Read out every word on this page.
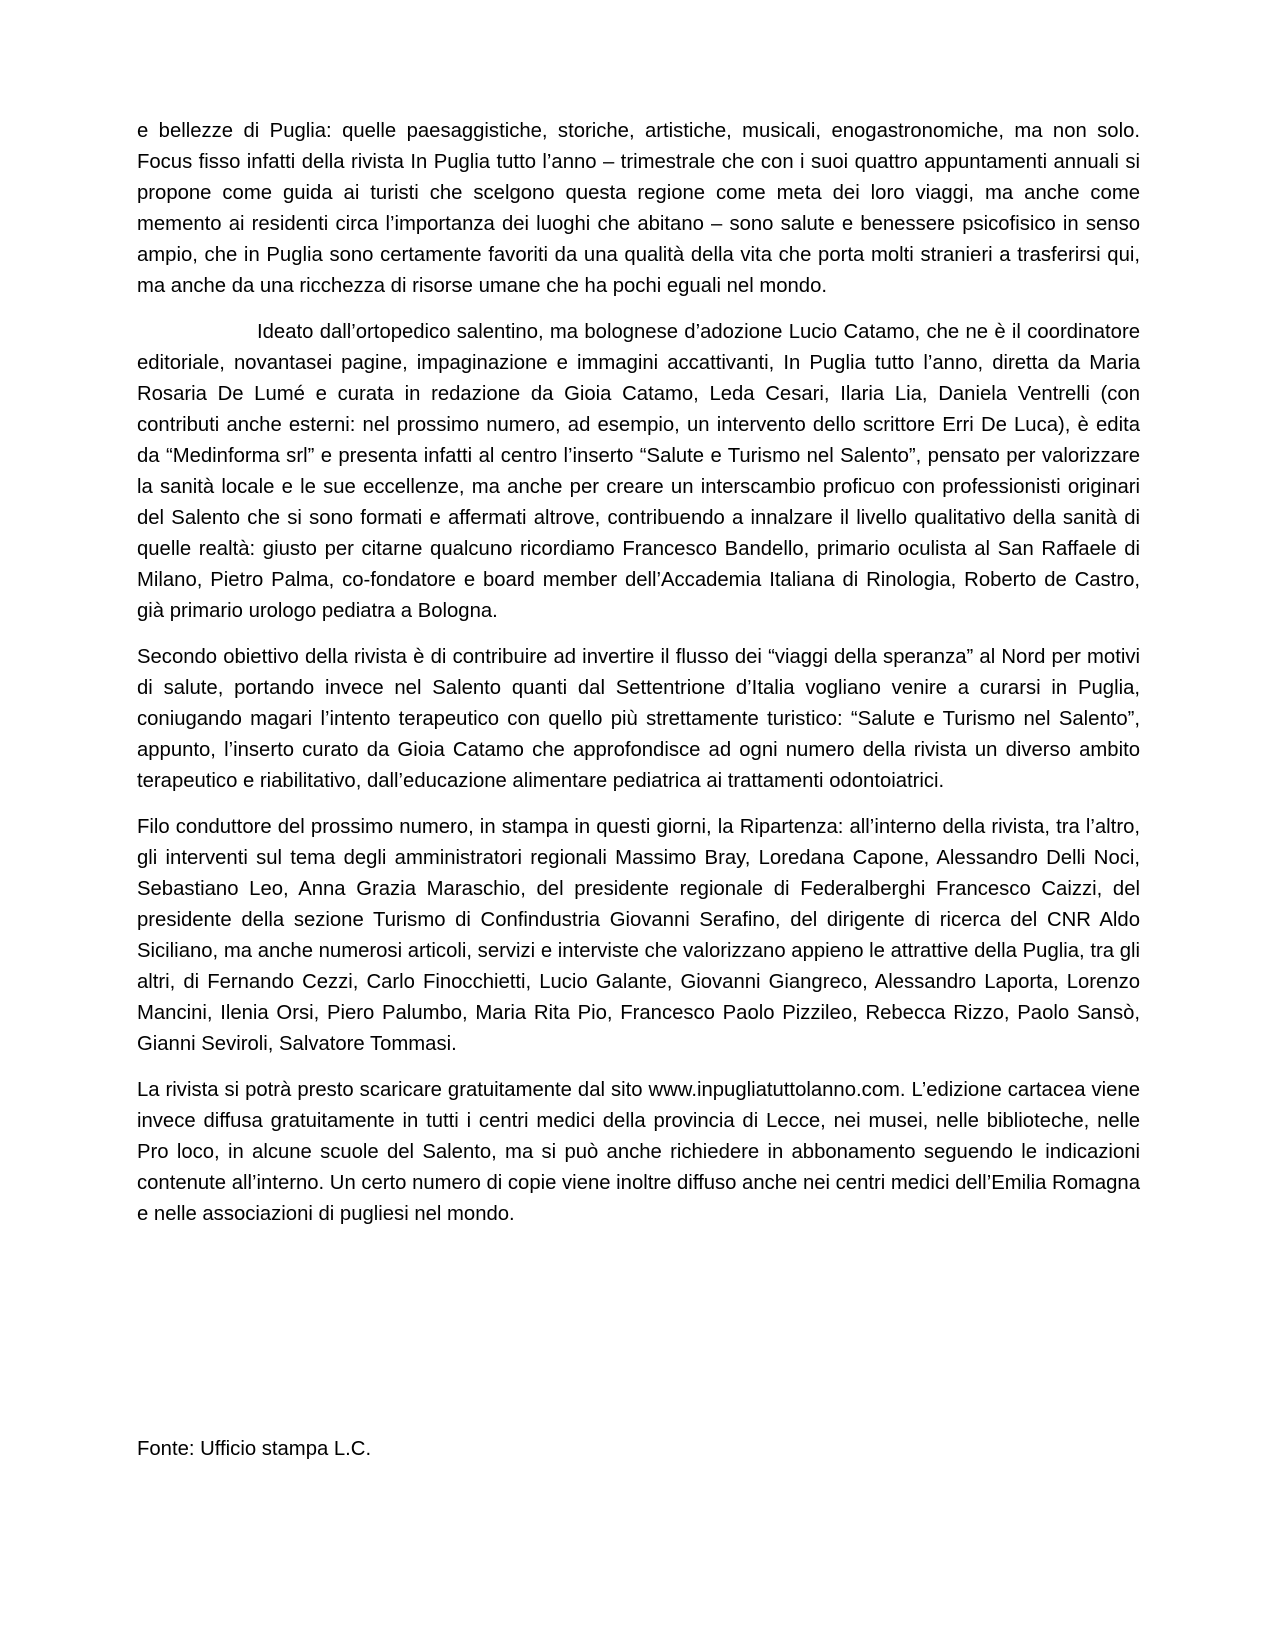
e bellezze di Puglia: quelle paesaggistiche, storiche, artistiche, musicali, enogastronomiche, ma non solo. Focus fisso infatti della rivista In Puglia tutto l’anno – trimestrale che con i suoi quattro appuntamenti annuali si propone come guida ai turisti che scelgono questa regione come meta dei loro viaggi, ma anche come memento ai residenti circa l’importanza dei luoghi che abitano – sono salute e benessere psicofisico in senso ampio, che in Puglia sono certamente favoriti da una qualità della vita che porta molti stranieri a trasferirsi qui, ma anche da una ricchezza di risorse umane che ha pochi eguali nel mondo.

Ideato dall’ortopedico salentino, ma bolognese d’adozione Lucio Catamo, che ne è il coordinatore editoriale, novantasei pagine, impaginazione e immagini accattivanti, In Puglia tutto l’anno, diretta da Maria Rosaria De Lumé e curata in redazione da Gioia Catamo, Leda Cesari, Ilaria Lia, Daniela Ventrelli (con contributi anche esterni: nel prossimo numero, ad esempio, un intervento dello scrittore Erri De Luca), è edita da “Medinforma srl” e presenta infatti al centro l’inserto “Salute e Turismo nel Salento”, pensato per valorizzare la sanità locale e le sue eccellenze, ma anche per creare un interscambio proficuo con professionisti originari del Salento che si sono formati e affermati altrove, contribuendo a innalzare il livello qualitativo della sanità di quelle realtà: giusto per citarne qualcuno ricordiamo Francesco Bandello, primario oculista al San Raffaele di Milano, Pietro Palma, co-fondatore e board member dell’Accademia Italiana di Rinologia, Roberto de Castro, già primario urologo pediatra a Bologna.

Secondo obiettivo della rivista è di contribuire ad invertire il flusso dei “viaggi della speranza” al Nord per motivi di salute, portando invece nel Salento quanti dal Settentrione d’Italia vogliano venire a curarsi in Puglia, coniugando magari l’intento terapeutico con quello più strettamente turistico: “Salute e Turismo nel Salento”, appunto, l’inserto curato da Gioia Catamo che approfondisce ad ogni numero della rivista un diverso ambito terapeutico e riabilitativo, dall’educazione alimentare pediatrica ai trattamenti odontoiatrici.

Filo conduttore del prossimo numero, in stampa in questi giorni, la Ripartenza: all’interno della rivista, tra l’altro, gli interventi sul tema degli amministratori regionali Massimo Bray, Loredana Capone, Alessandro Delli Noci, Sebastiano Leo, Anna Grazia Maraschio, del presidente regionale di Federalberghi Francesco Caizzi, del presidente della sezione Turismo di Confindustria Giovanni Serafino, del dirigente di ricerca del CNR Aldo Siciliano, ma anche numerosi articoli, servizi e interviste che valorizzano appieno le attrattive della Puglia, tra gli altri, di Fernando Cezzi, Carlo Finocchietti, Lucio Galante, Giovanni Giangreco, Alessandro Laporta, Lorenzo Mancini, Ilenia Orsi, Piero Palumbo, Maria Rita Pio, Francesco Paolo Pizzileo, Rebecca Rizzo, Paolo Sansò, Gianni Seviroli, Salvatore Tommasi.

La rivista si potrà presto scaricare gratuitamente dal sito www.inpugliatuttolanno.com. L’edizione cartacea viene invece diffusa gratuitamente in tutti i centri medici della provincia di Lecce, nei musei, nelle biblioteche, nelle Pro loco, in alcune scuole del Salento, ma si può anche richiedere in abbonamento seguendo le indicazioni contenute all’interno. Un certo numero di copie viene inoltre diffuso anche nei centri medici dell’Emilia Romagna e nelle associazioni di pugliesi nel mondo.

Fonte: Ufficio stampa L.C.
